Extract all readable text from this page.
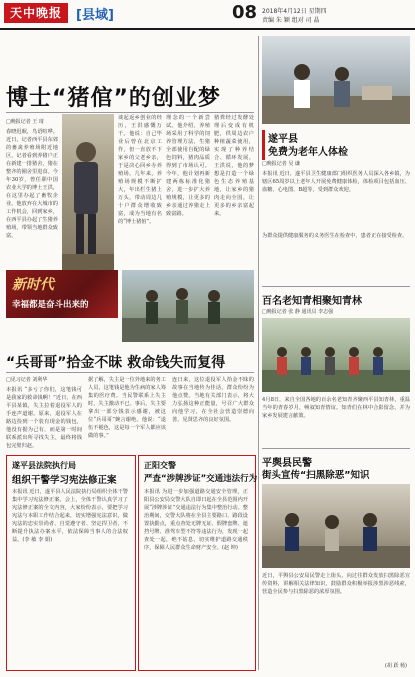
天中晚报	[县域]	08 2018年4月12日 星期四
责编 朱 颖 组对 司 晶
博士“猪倌”的创业梦
□晚报记者 王 琦
春晓迟眠，鸟语喧哗。近日，记者西平县东郊的畜禽养殖场附近地区，记者看到养猪户正在新建一排猪舍，猪在整齐的圈舍里进食。今年30岁，曾任职中国农业大学的博士王洪，在这里办起了畜牧企业。他放弃在大城市的工作机会，回到家乡，在西平县办起了生猪养殖场，带领当地群众致富。
谈起返乡创业的经历，王洪感慨万千。他说：自己毕业后曾在北京工作，但一直放不下家乡的父老乡亲，于是决心回乡办养殖场。几年来，养殖场规模不断扩大，年出栏生猪上万头，带动周边几十户群众增收致富，成为当地有名的“博士猪倌”。
理念的一个新尝试。他介绍，养殖场采用了科学的饲养管理方法，生猪全部使用自配的绿色饲料，猪肉品质得到了市场认可。今年，他计划再新建两栋标准化猪舍，进一步扩大养殖规模，让更多的乡亲通过养猪走上致富路。
猪粪经过发酵处理后变成有机肥，供周边农户种植蔬菜使用，实现了种养结合、循环发展。王洪说，他的梦想是打造一个绿色生态养殖基地，让家乡的猪肉走向全国，让更多的乡亲富起来。
新时代
幸福都是奋斗出来的
“兵哥哥”拾金不昧 救命钱失而复得
□见习记者 刘利华
本报讯 “多亏了你们，这笔钱可是我家的救命钱啊！”近日，在西平县某镇，失主拉着退役军人的手连声道谢。原来，退役军人在路边捡到一个装有现金的钱包，他没有据为己有，而是第一时间联系派出所寻找失主，最终将钱包完璧归赵。
据了解，失主是一位外地来的务工人员，这笔钱是他为生病的家人筹集的医疗费。当民警联系上失主时，失主激动不已。事后，失主要拿出一部分钱表示感谢，被这位“兵哥哥”婉言谢绝。他说：“退伍不褪色，这是每一个军人都应该做的事。”
连日来，这位退役军人拾金不昧的故事在当地传为佳话，群众纷纷为他点赞。当地有关部门表示，将大力弘扬这种正能量，号召广大群众向他学习，在全社会营造崇德向善、见贤思齐的良好氛围。
遂平县法院执行局
组织干警学习宪法修正案
本报讯 近日，遂平县人民法院执行局组织全体干警集中学习宪法修正案。会上，全体干警认真学习了宪法修正案的全文内容，大家纷纷表示，要把学习宪法与本职工作结合起来，切实增强宪法意识，做宪法的忠实崇尚者、自觉遵守者、坚定捍卫者，不断提升执法办案水平，依法保障当事人的合法权益。(李 敏 李 娟)
正阳交警
严查“涉牌涉证”交通违法行为
本报讯 为进一步加强道路交通安全管理，正阳县公安局交警大队自即日起在全县范围内开展“涉牌涉证”交通违法行为集中整治行动。整治期间，交警大队将在全县主要路口、路段设置执勤点，重点查处无牌无证、假牌套牌、遮挡号牌、准驾车型不符等违法行为，发现一起查处一起，绝不姑息，切实维护道路交通秩序，保障人民群众生命财产安全。(赵 坤)
遂平县
免费为老年人体检
□晚报记者 吴 谦
本报讯 近日，遂平县卫生健康部门组织医务人员深入各乡镇，为辖区65周岁以上老年人开展免费健康体检，体检项目包括血压、血糖、心电图、B超等，受到群众欢迎。
为群众提供健康服务的义务医生在检查中，患者正在接受检查。
百名老知青相聚知青林
□晚报记者 张 静 通讯员 李志强
4月8日，来自全国各地的百余名老知青齐聚西平县知青林，重温当年的青春岁月，畅叙知青情谊。知青们在林中合影留念，并为家乡发展建言献策。
平舆县民警
街头宣传“扫黑除恶”知识
近日，平舆县公安局民警走上街头，向过往群众发放扫黑除恶宣传资料，讲解相关法律知识，鼓励群众积极举报涉黑涉恶线索，营造全民参与扫黑除恶的浓厚氛围。
(胡 跃 杨)
